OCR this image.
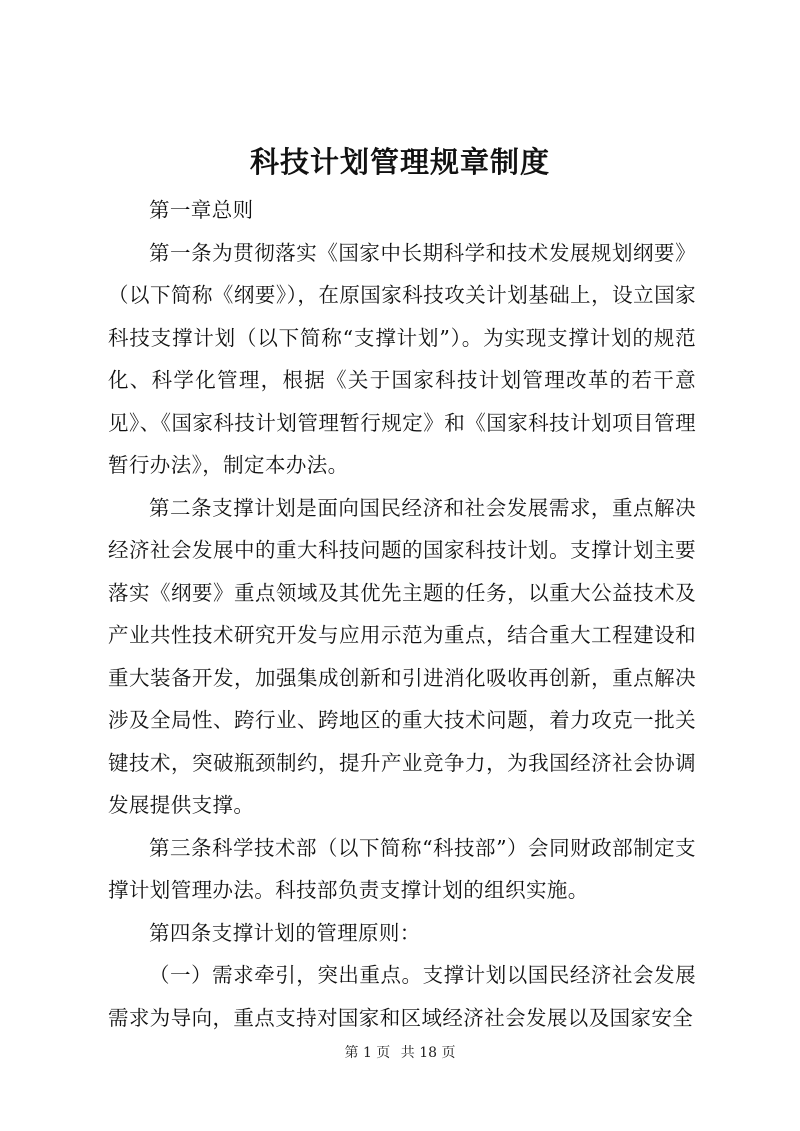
科技计划管理规章制度

第一章总则

第一条为贯彻落实《国家中长期科学和技术发展规划纲要》（以下简称《纲要》），在原国家科技攻关计划基础上，设立国家科技支撑计划（以下简称“支撑计划”）。为实现支撑计划的规范化、科学化管理，根据《关于国家科技计划管理改革的若干意见》、《国家科技计划管理暂行规定》和《国家科技计划项目管理暂行办法》，制定本办法。

第二条支撑计划是面向国民经济和社会发展需求，重点解决经济社会发展中的重大科技问题的国家科技计划。支撑计划主要落实《纲要》重点领域及其优先主题的任务，以重大公益技术及产业共性技术研究开发与应用示范为重点，结合重大工程建设和重大装备开发，加强集成创新和引进消化吸收再创新，重点解决涉及全局性、跨行业、跨地区的重大技术问题，着力攻克一批关键技术，突破瓶颈制约，提升产业竞争力，为我国经济社会协调发展提供支撑。

第三条科学技术部（以下简称“科技部”）会同财政部制定支撑计划管理办法。科技部负责支撑计划的组织实施。

第四条支撑计划的管理原则：

（一）需求牵引，突出重点。支撑计划以国民经济社会发展需求为导向，重点支持对国家和区域经济社会发展以及国家安全

第 1 页 共 18 页
